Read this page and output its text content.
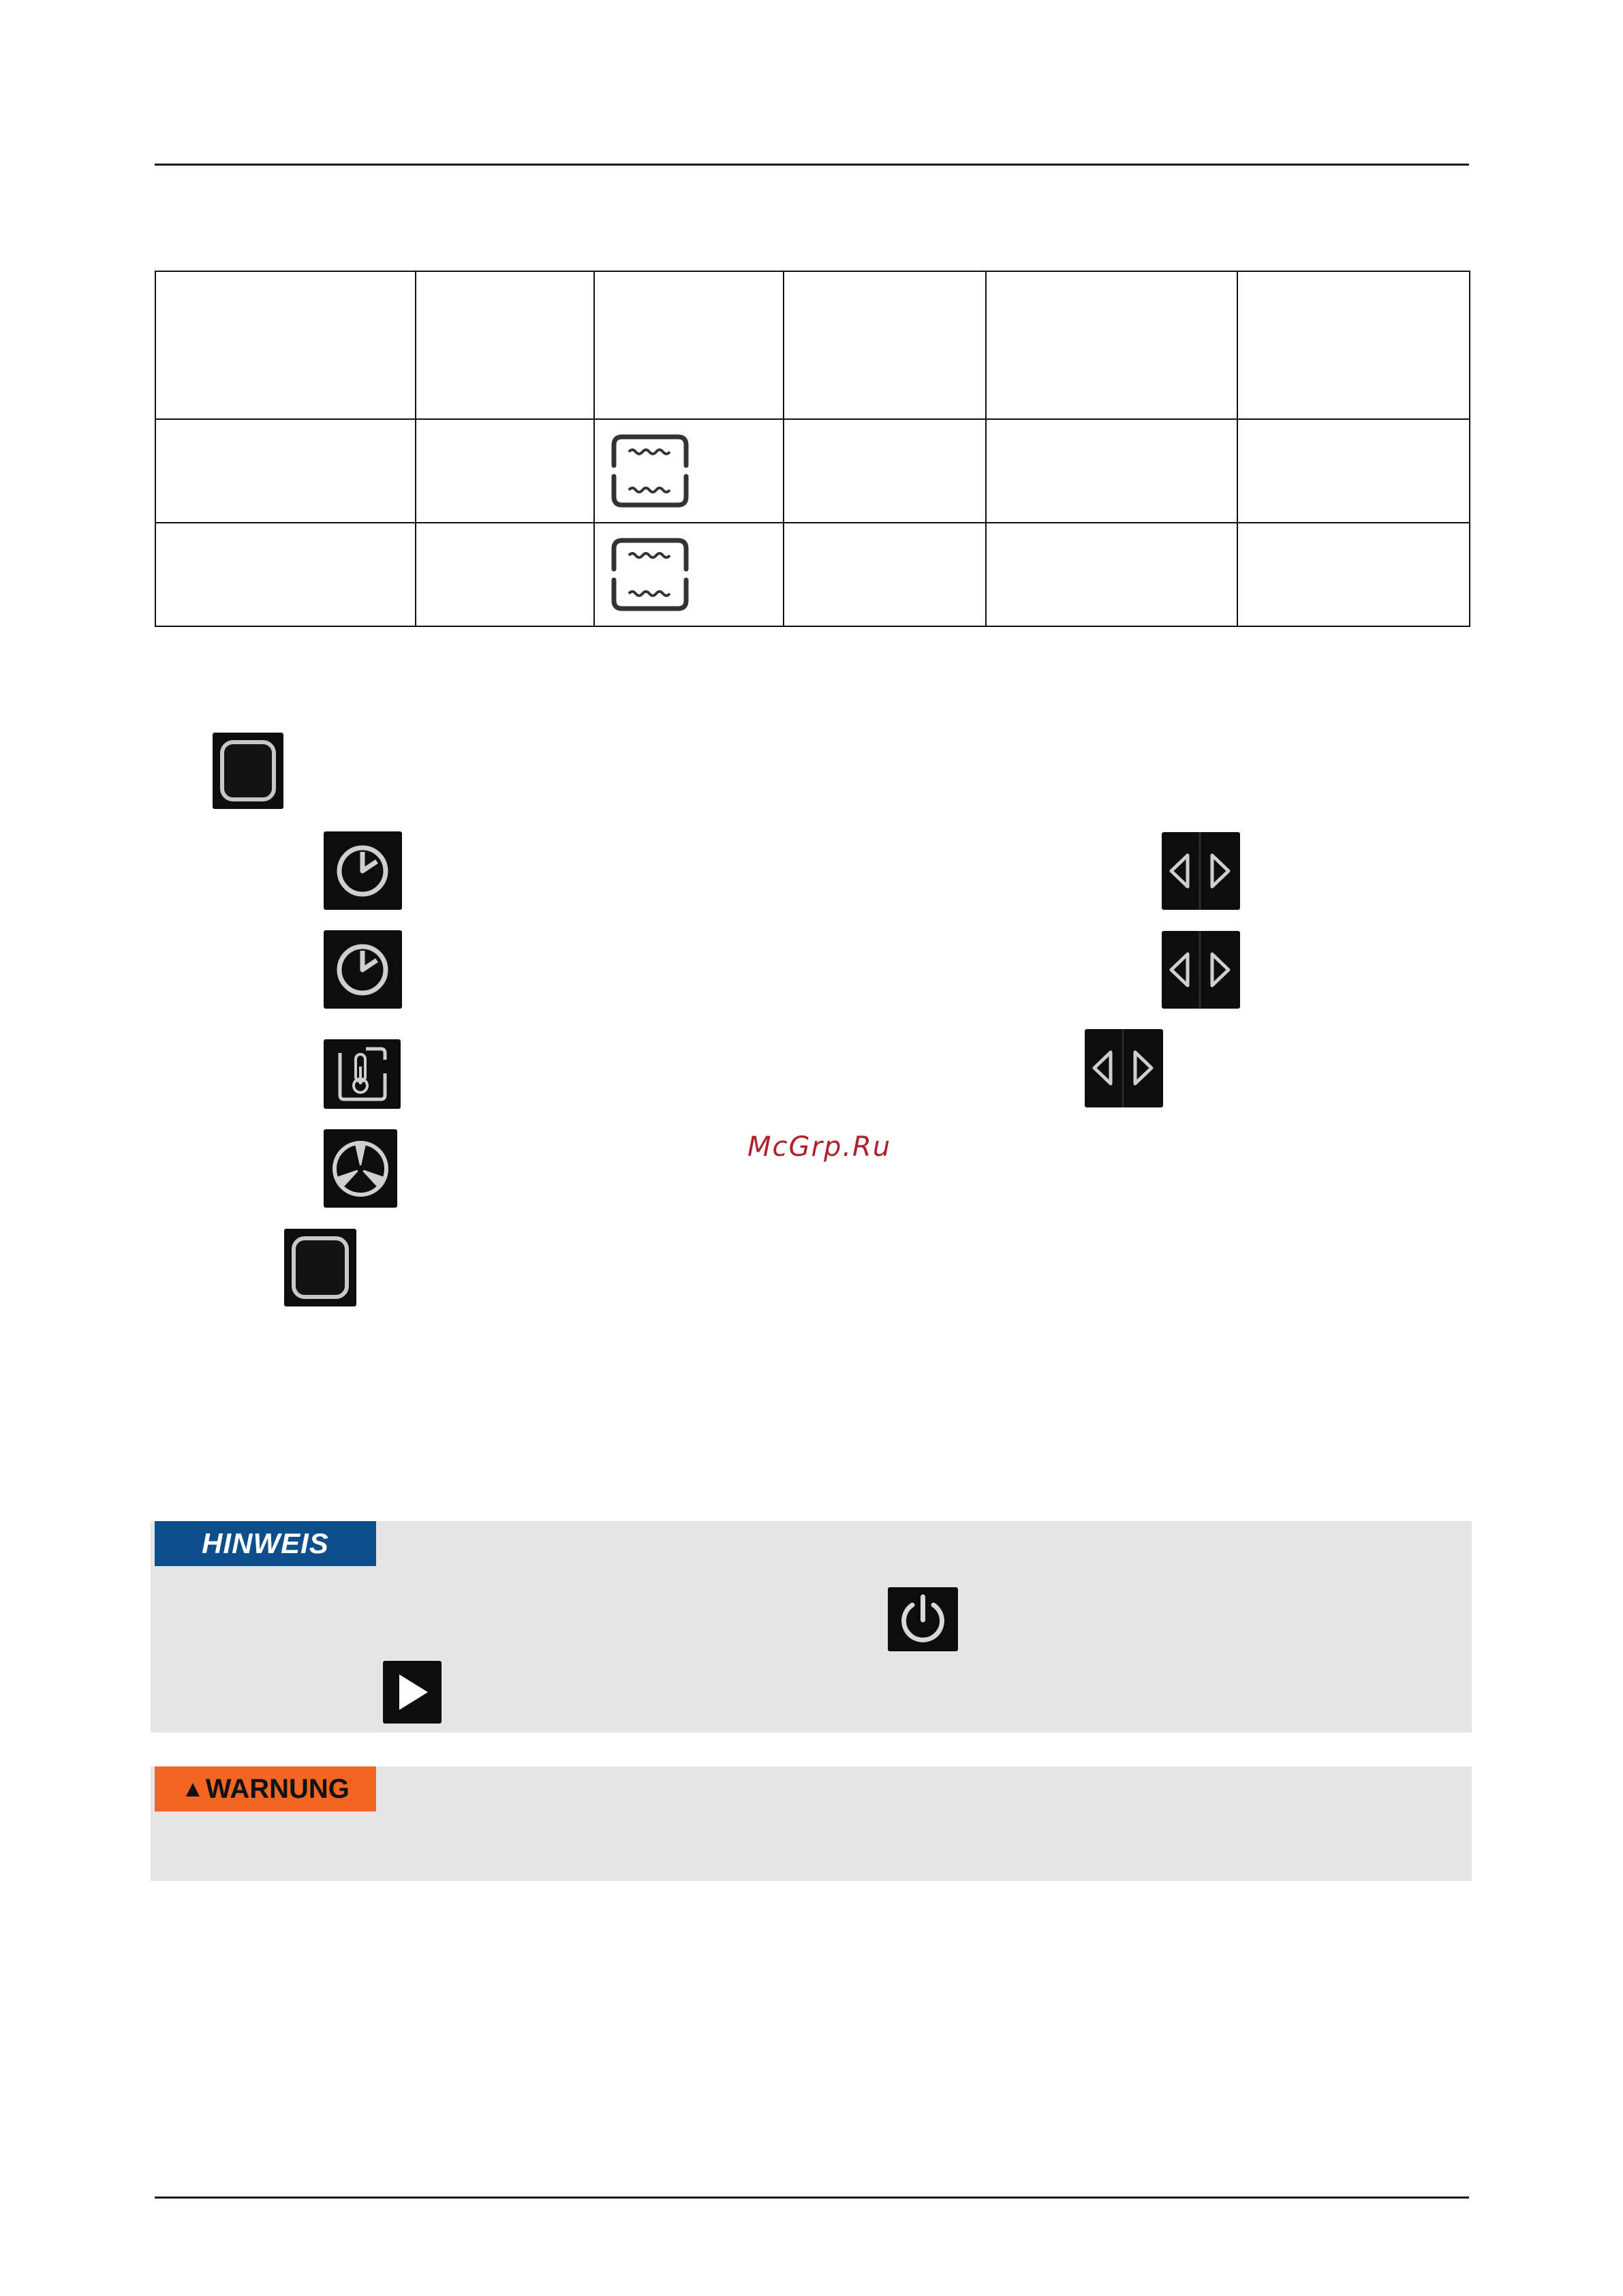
McGrp.Ru
HINWEIS
▲ WARNUNG
